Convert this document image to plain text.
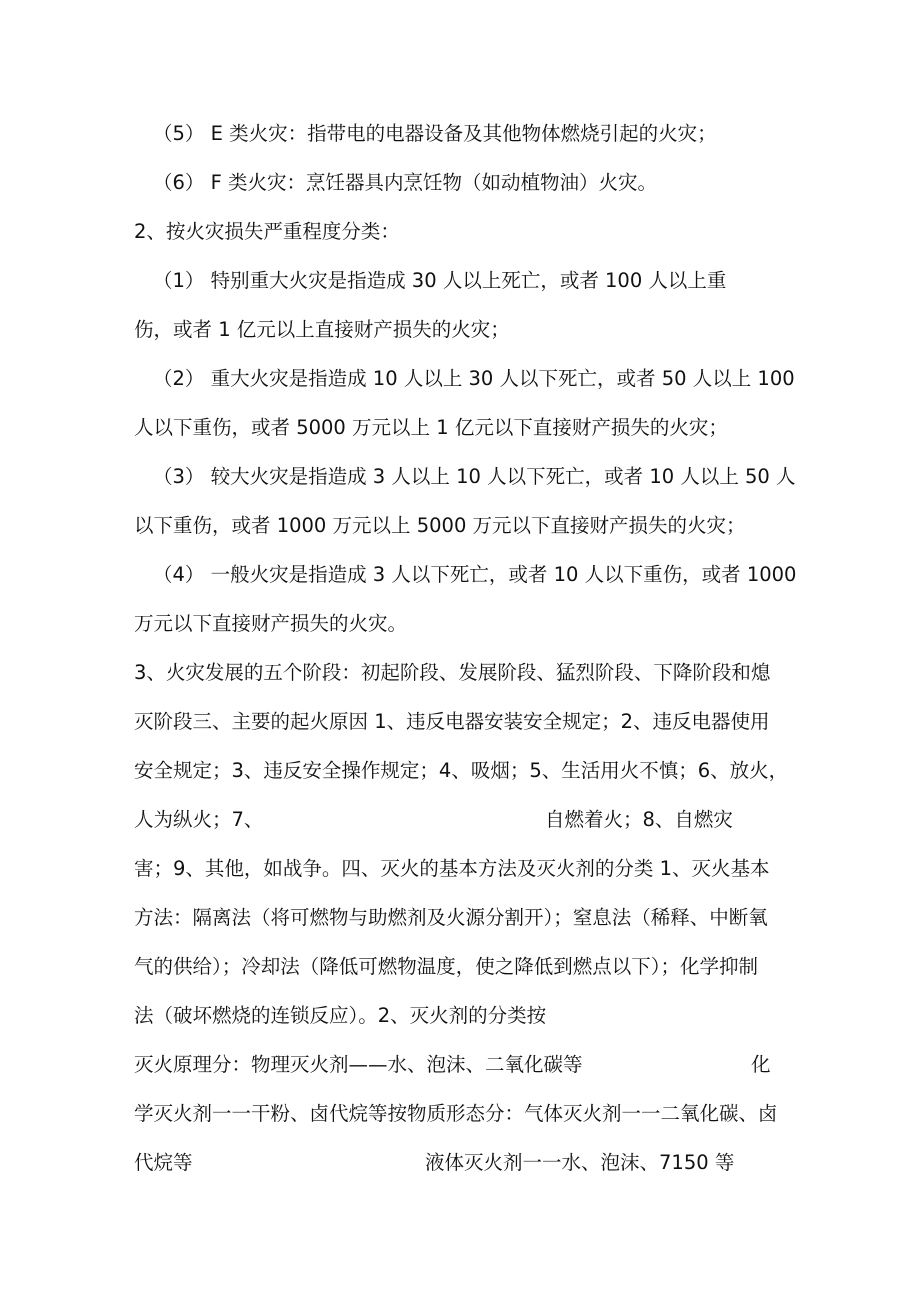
（5） E 类火灾：指带电的电器设备及其他物体燃烧引起的火灾；
（6） F 类火灾：烹饪器具内烹饪物（如动植物油）火灾。
2、按火灾损失严重程度分类：
（1） 特别重大火灾是指造成 30 人以上死亡，或者 100 人以上重
伤，或者 1 亿元以上直接财产损失的火灾；
（2） 重大火灾是指造成 10 人以上 30 人以下死亡，或者 50 人以上 100
人以下重伤，或者 5000 万元以上 1 亿元以下直接财产损失的火灾；
（3） 较大火灾是指造成 3 人以上 10 人以下死亡，或者 10 人以上 50 人
以下重伤，或者 1000 万元以上 5000 万元以下直接财产损失的火灾；
（4） 一般火灾是指造成 3 人以下死亡，或者 10 人以下重伤，或者 1000
万元以下直接财产损失的火灾。
3、火灾发展的五个阶段：初起阶段、发展阶段、猛烈阶段、下降阶段和熄
灭阶段三、主要的起火原因 1、违反电器安装安全规定；2、违反电器使用
安全规定；3、违反安全操作规定；4、吸烟；5、生活用火不慎；6、放火，
人为纵火；7、	自燃着火；8、自燃灾
害；9、其他，如战争。四、灭火的基本方法及灭火剂的分类 1、灭火基本
方法：隔离法（将可燃物与助燃剂及火源分割开）；窒息法（稀释、中断氧
气的供给）；冷却法（降低可燃物温度，使之降低到燃点以下）；化学抑制
法（破坏燃烧的连锁反应）。2、灭火剂的分类按
灭火原理分：物理灭火剂——水、泡沫、二氧化碳等	化
学灭火剂一一干粉、卤代烷等按物质形态分：气体灭火剂一一二氧化碳、卤
代烷等	液体灭火剂一一水、泡沫、7150 等
